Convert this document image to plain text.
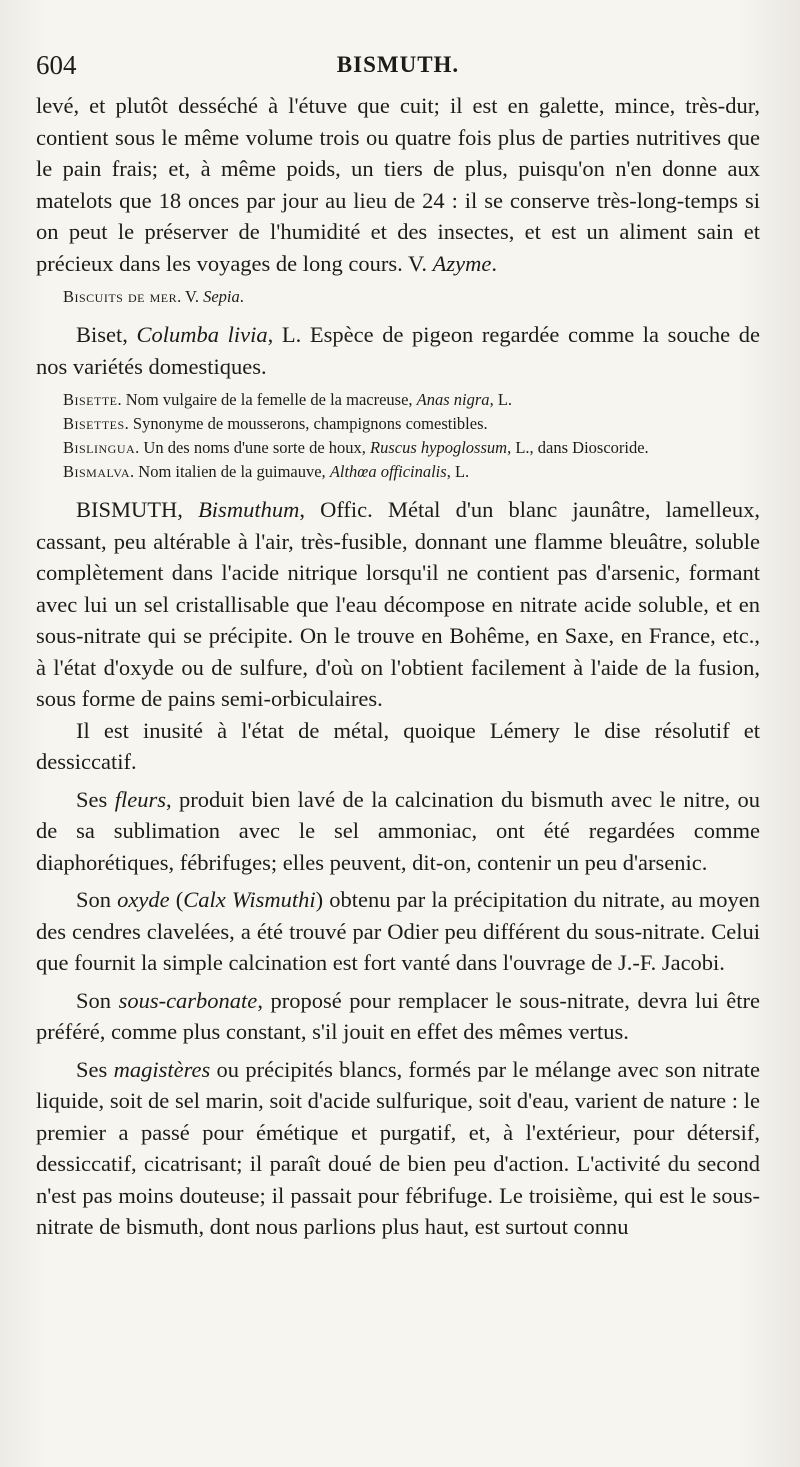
604	BISMUTH.

levé, et plutôt desséché à l'étuve que cuit; il est en galette, mince, très-dur, contient sous le même volume trois ou quatre fois plus de parties nutritives que le pain frais; et, à même poids, un tiers de plus, puisqu'on n'en donne aux matelots que 18 onces par jour au lieu de 24 : il se conserve très-long-temps si on peut le préserver de l'humidité et des insectes, et est un aliment sain et précieux dans les voyages de long cours. V. Azyme.

Biscuits de mer. V. Sepia.

Biset, Columba livia, L. Espèce de pigeon regardée comme la souche de nos variétés domestiques.

Bisette. Nom vulgaire de la femelle de la macreuse, Anas nigra, L.

Bisettes. Synonyme de mousserons, champignons comestibles.

Bislingua. Un des noms d'une sorte de houx, Ruscus hypoglossum, L., dans Dioscoride.

Bismalva. Nom italien de la guimauve, Althœa officinalis, L.

BISMUTH, Bismuthum, Offic. Métal d'un blanc jaunâtre, lamelleux, cassant, peu altérable à l'air, très-fusible, donnant une flamme bleuâtre, soluble complètement dans l'acide nitrique lorsqu'il ne contient pas d'arsenic, formant avec lui un sel cristallisable que l'eau décompose en nitrate acide soluble, et en sous-nitrate qui se précipite. On le trouve en Bohême, en Saxe, en France, etc., à l'état d'oxyde ou de sulfure, d'où on l'obtient facilement à l'aide de la fusion, sous forme de pains semi-orbiculaires.

Il est inusité à l'état de métal, quoique Lémery le dise résolutif et dessiccatif.

Ses fleurs, produit bien lavé de la calcination du bismuth avec le nitre, ou de sa sublimation avec le sel ammoniac, ont été regardées comme diaphorétiques, fébrifuges; elles peuvent, dit-on, contenir un peu d'arsenic.

Son oxyde (Calx Wismuthi) obtenu par la précipitation du nitrate, au moyen des cendres clavelées, a été trouvé par Odier peu différent du sous-nitrate. Celui que fournit la simple calcination est fort vanté dans l'ouvrage de J.-F. Jacobi.

Son sous-carbonate, proposé pour remplacer le sous-nitrate, devra lui être préféré, comme plus constant, s'il jouit en effet des mêmes vertus.

Ses magistères ou précipités blancs, formés par le mélange avec son nitrate liquide, soit de sel marin, soit d'acide sulfurique, soit d'eau, varient de nature : le premier a passé pour émétique et purgatif, et, à l'extérieur, pour détersif, dessiccatif, cicatrisant; il paraît doué de bien peu d'action. L'activité du second n'est pas moins douteuse; il passait pour fébrifuge. Le troisième, qui est le sous-nitrate de bismuth, dont nous parlions plus haut, est surtout connu
